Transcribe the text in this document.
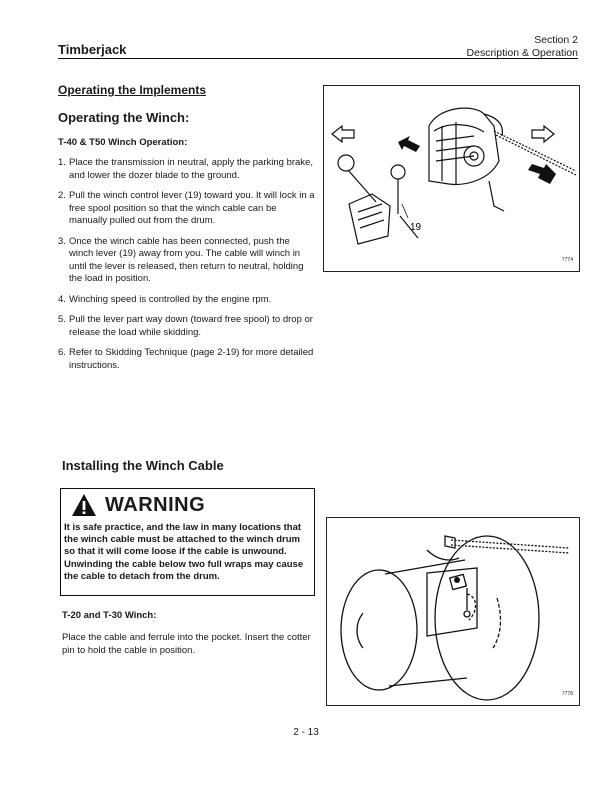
Timberjack
Section 2
Description & Operation
Operating the Implements
Operating the Winch:
T-40 & T50 Winch Operation:
1. Place the transmission in neutral, apply the parking brake, and lower the dozer blade to the ground.
2. Pull the winch control lever (19) toward you. It will lock in a free spool position so that the winch cable can be manually pulled out from the drum.
3. Once the winch cable has been connected, push the winch lever (19) away from you. The cable will winch in until the lever is released, then return to neutral, holding the load in position.
4. Winching speed is controlled by the engine rpm.
5. Pull the lever part way down (toward free spool) to drop or release the load while skidding.
6. Refer to Skidding Technique (page 2-19) for more detailed instructions.
19
7774
Installing the Winch Cable
WARNING
It is safe practice, and the law in many locations that the winch cable must be attached to the winch drum so that it will come loose if the cable is unwound. Unwinding the cable below two full wraps may cause the cable to detach from the drum.
T-20 and T-30 Winch:
Place the cable and ferrule into the pocket. Insert the cotter pin to hold the cable in position.
7778
2 - 13
